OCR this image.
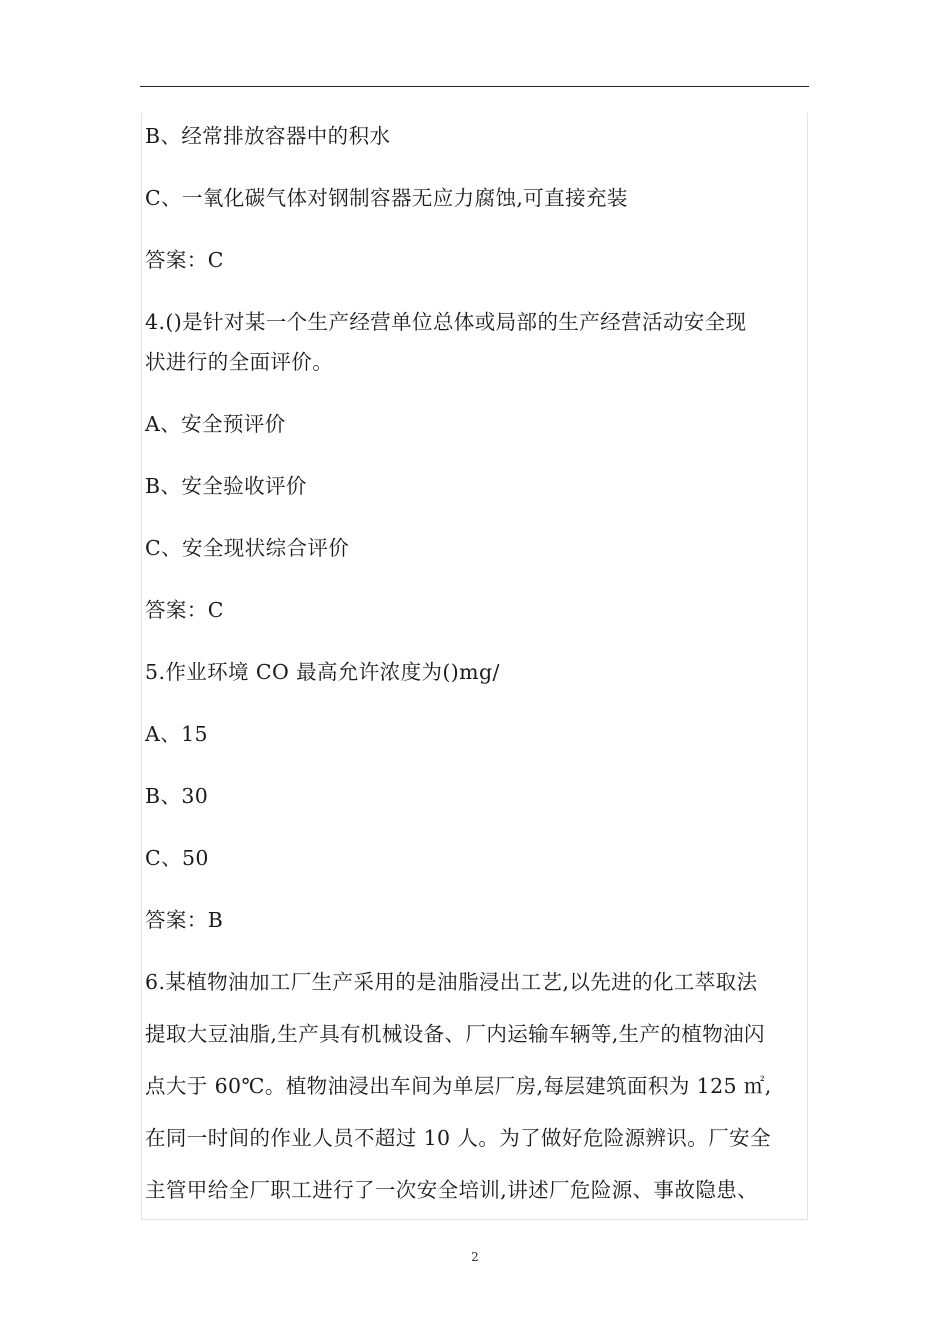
B、经常排放容器中的积水

C、一氧化碳气体对钢制容器无应力腐蚀,可直接充装

答案：C

4.()是针对某一个生产经营单位总体或局部的生产经营活动安全现

状进行的全面评价。

A、安全预评价

B、安全验收评价

C、安全现状综合评价

答案：C

5.作业环境 CO 最高允许浓度为()mg/

A、15

B、30

C、50

答案：B

6.某植物油加工厂生产采用的是油脂浸出工艺,以先进的化工萃取法

提取大豆油脂,生产具有机械设备、厂内运输车辆等,生产的植物油闪

点大于 60℃。植物油浸出车间为单层厂房,每层建筑面积为 125 ㎡,

在同一时间的作业人员不超过 10 人。为了做好危险源辨识。厂安全

主管甲给全厂职工进行了一次安全培训,讲述厂危险源、事故隐患、

2
